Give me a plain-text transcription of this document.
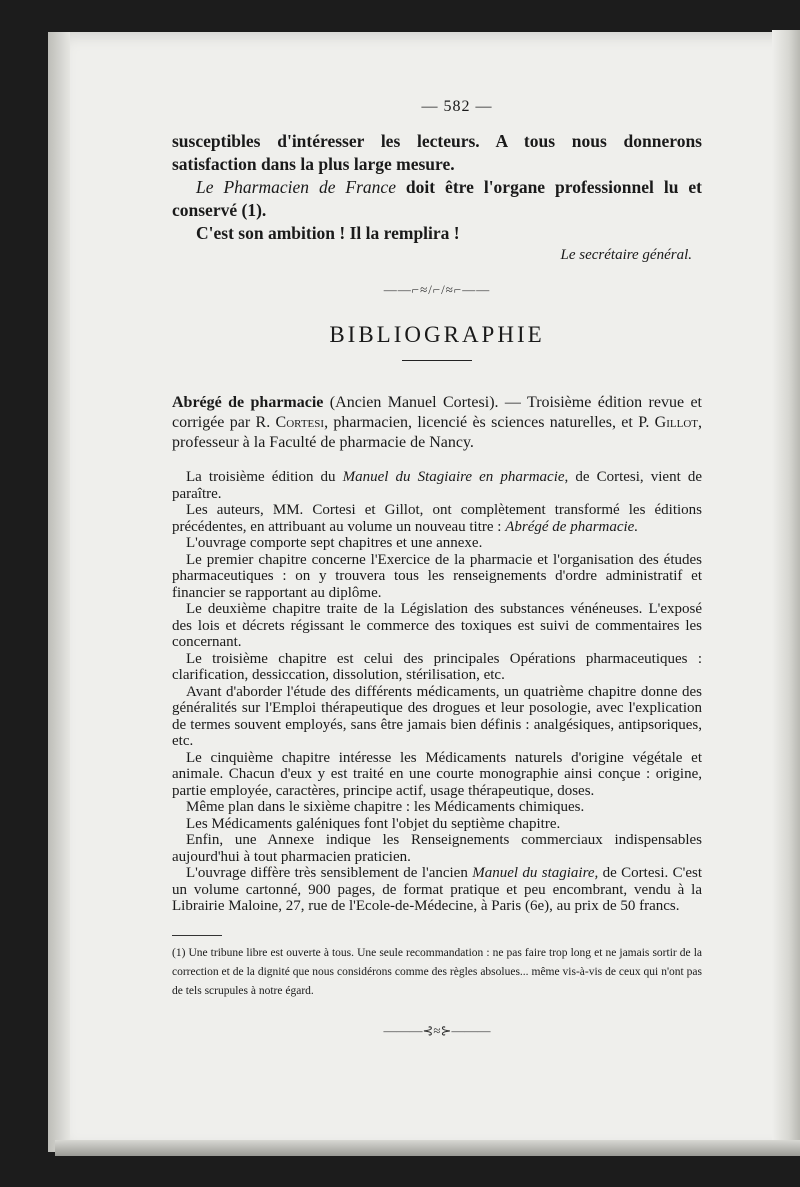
— 582 —

susceptibles d'intéresser les lecteurs. A tous nous donnerons satisfaction dans la plus large mesure.

Le Pharmacien de France doit être l'organe professionnel lu et conservé (1).

C'est son ambition ! Il la remplira !

Le secrétaire général.

——⌐≈/⌐/≈⌐——
BIBLIOGRAPHIE

Abrégé de pharmacie (Ancien Manuel Cortesi). — Troisième édition revue et corrigée par R. Cortesi, pharmacien, licencié ès sciences naturelles, et P. Gillot, professeur à la Faculté de pharmacie de Nancy.

La troisième édition du Manuel du Stagiaire en pharmacie, de Cortesi, vient de paraître.

Les auteurs, MM. Cortesi et Gillot, ont complètement transformé les éditions précédentes, en attribuant au volume un nouveau titre : Abrégé de pharmacie.

L'ouvrage comporte sept chapitres et une annexe.

Le premier chapitre concerne l'Exercice de la pharmacie et l'organisation des études pharmaceutiques : on y trouvera tous les renseignements d'ordre administratif et financier se rapportant au diplôme.

Le deuxième chapitre traite de la Législation des substances vénéneuses. L'exposé des lois et décrets régissant le commerce des toxiques est suivi de commentaires les concernant.

Le troisième chapitre est celui des principales Opérations pharmaceutiques : clarification, dessiccation, dissolution, stérilisation, etc.

Avant d'aborder l'étude des différents médicaments, un quatrième chapitre donne des généralités sur l'Emploi thérapeutique des drogues et leur posologie, avec l'explication de termes souvent employés, sans être jamais bien définis : analgésiques, antipsoriques, etc.

Le cinquième chapitre intéresse les Médicaments naturels d'origine végétale et animale. Chacun d'eux y est traité en une courte monographie ainsi conçue : origine, partie employée, caractères, principe actif, usage thérapeutique, doses.

Même plan dans le sixième chapitre : les Médicaments chimiques.

Les Médicaments galéniques font l'objet du septième chapitre.

Enfin, une Annexe indique les Renseignements commerciaux indispensables aujourd'hui à tout pharmacien praticien.

L'ouvrage diffère très sensiblement de l'ancien Manuel du stagiaire, de Cortesi. C'est un volume cartonné, 900 pages, de format pratique et peu encombrant, vendu à la Librairie Maloine, 27, rue de l'Ecole-de-Médecine, à Paris (6e), au prix de 50 francs.

(1) Une tribune libre est ouverte à tous. Une seule recommandation : ne pas faire trop long et ne jamais sortir de la correction et de la dignité que nous considérons comme des règles absolues... même vis-à-vis de ceux qui n'ont pas de tels scrupules à notre égard.

———⊰≈⊱———
